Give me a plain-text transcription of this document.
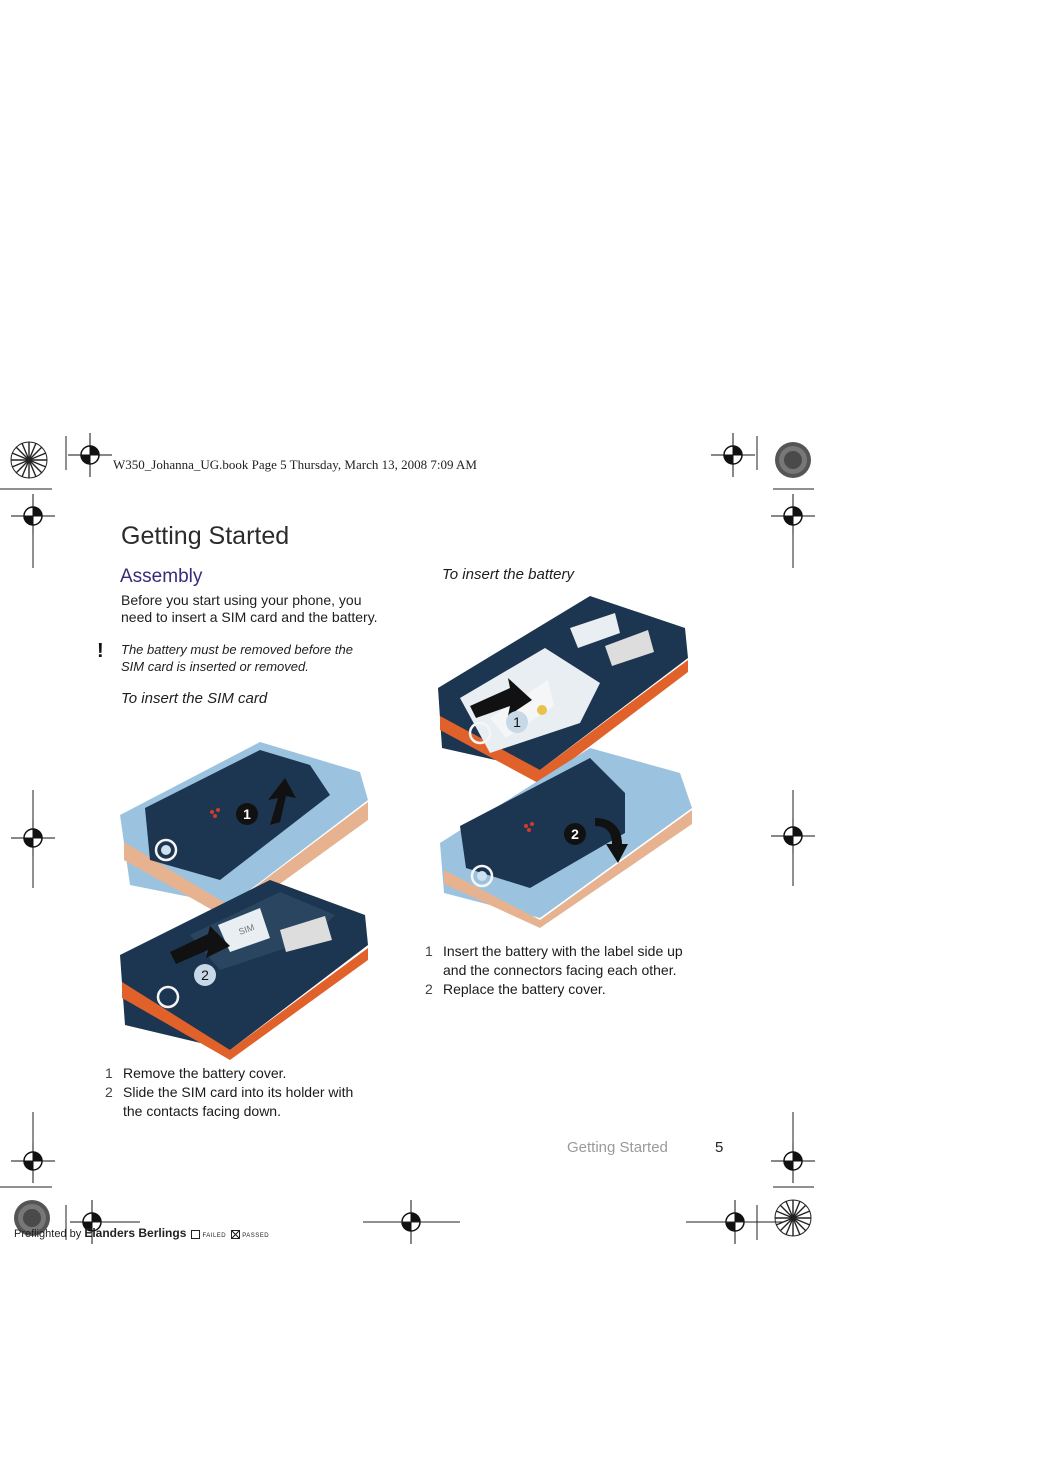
W350_Johanna_UG.book Page 5 Thursday, March 13, 2008 7:09 AM
Getting Started
Assembly
Before you start using your phone, you
need to insert a SIM card and the battery.
! The battery must be removed before the
SIM card is inserted or removed.
To insert the SIM card
1
SIM
2
1 Remove the battery cover.
2 Slide the SIM card into its holder with
the contacts facing down.
To insert the battery
1
2
1 Insert the battery with the label side up
and the connectors facing each other.
2 Replace the battery cover.
Getting Started	5
Preflighted by Elanders Berlings	FAILED	PASSED
